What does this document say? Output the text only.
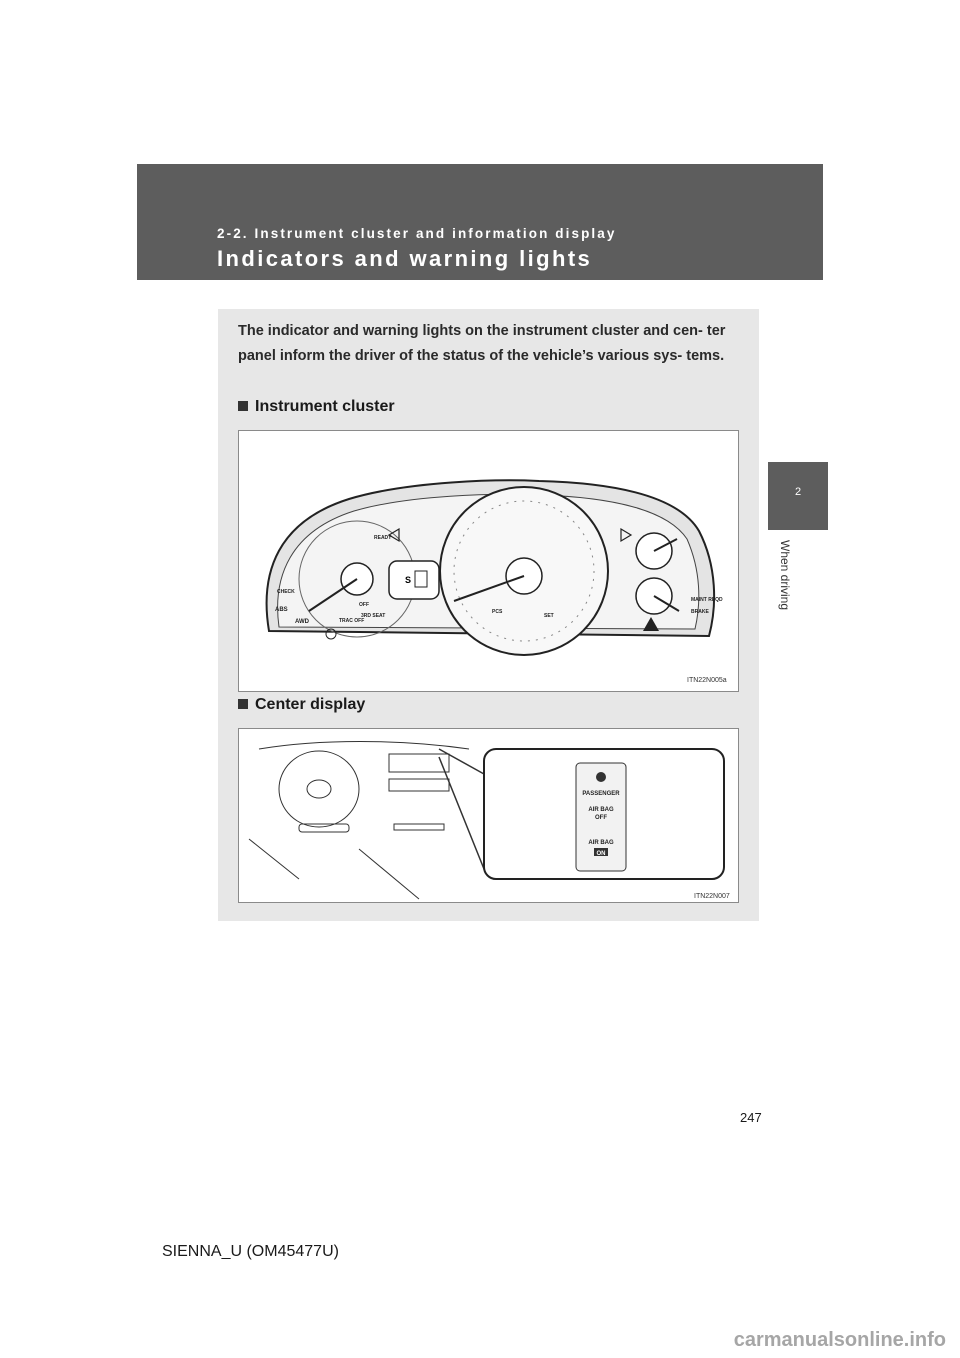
2-2. Instrument cluster and information display
Indicators and warning lights
2
When driving
The indicator and warning lights on the instrument cluster and cen- ter panel inform the driver of the status of the vehicle’s various sys- tems.
Instrument cluster
S
READY
CHECK
ABS
AWD	TRAC OFF
OFF
3RD SEAT
PCS
SET
MAINT REQD
BRAKE
ITN22N005a
Center display
PASSENGER
AIR BAG
OFF
AIR BAG
ON
ITN22N007
247
SIENNA_U (OM45477U)
carmanualsonline.info
